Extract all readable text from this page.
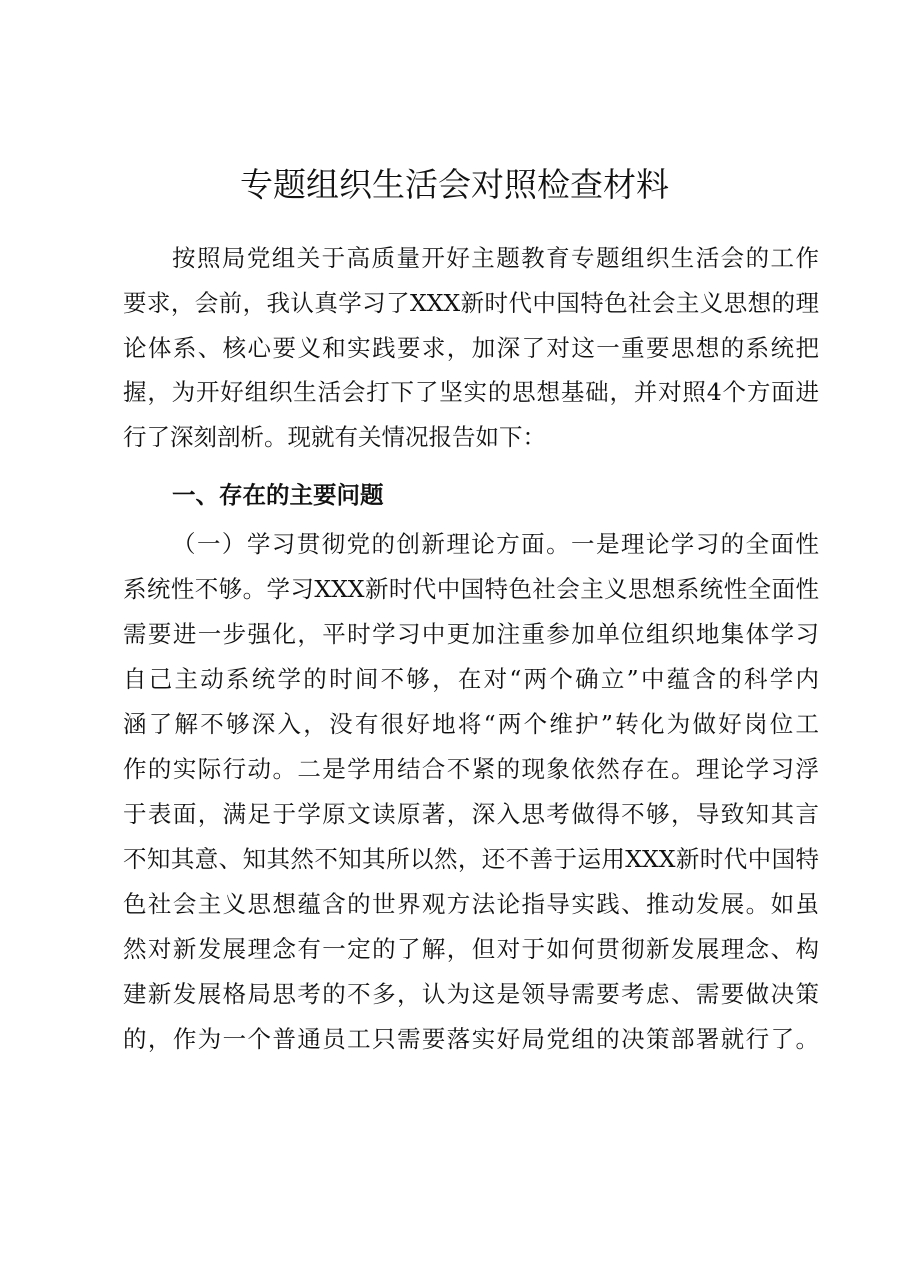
专题组织生活会对照检查材料

按照局党组关于高质量开好主题教育专题组织生活会的工作

要求，会前，我认真学习了XXX新时代中国特色社会主义思想的理

论体系、核心要义和实践要求，加深了对这一重要思想的系统把

握，为开好组织生活会打下了坚实的思想基础，并对照4个方面进

行了深刻剖析。现就有关情况报告如下：

一、存在的主要问题

（一）学习贯彻党的创新理论方面。一是理论学习的全面性

系统性不够。学习XXX新时代中国特色社会主义思想系统性全面性

需要进一步强化，平时学习中更加注重参加单位组织地集体学习

自己主动系统学的时间不够，在对“两个确立”中蕴含的科学内

涵了解不够深入，没有很好地将“两个维护”转化为做好岗位工

作的实际行动。二是学用结合不紧的现象依然存在。理论学习浮

于表面，满足于学原文读原著，深入思考做得不够，导致知其言

不知其意、知其然不知其所以然，还不善于运用XXX新时代中国特

色社会主义思想蕴含的世界观方法论指导实践、推动发展。如虽

然对新发展理念有一定的了解，但对于如何贯彻新发展理念、构

建新发展格局思考的不多，认为这是领导需要考虑、需要做决策

的，作为一个普通员工只需要落实好局党组的决策部署就行了。
